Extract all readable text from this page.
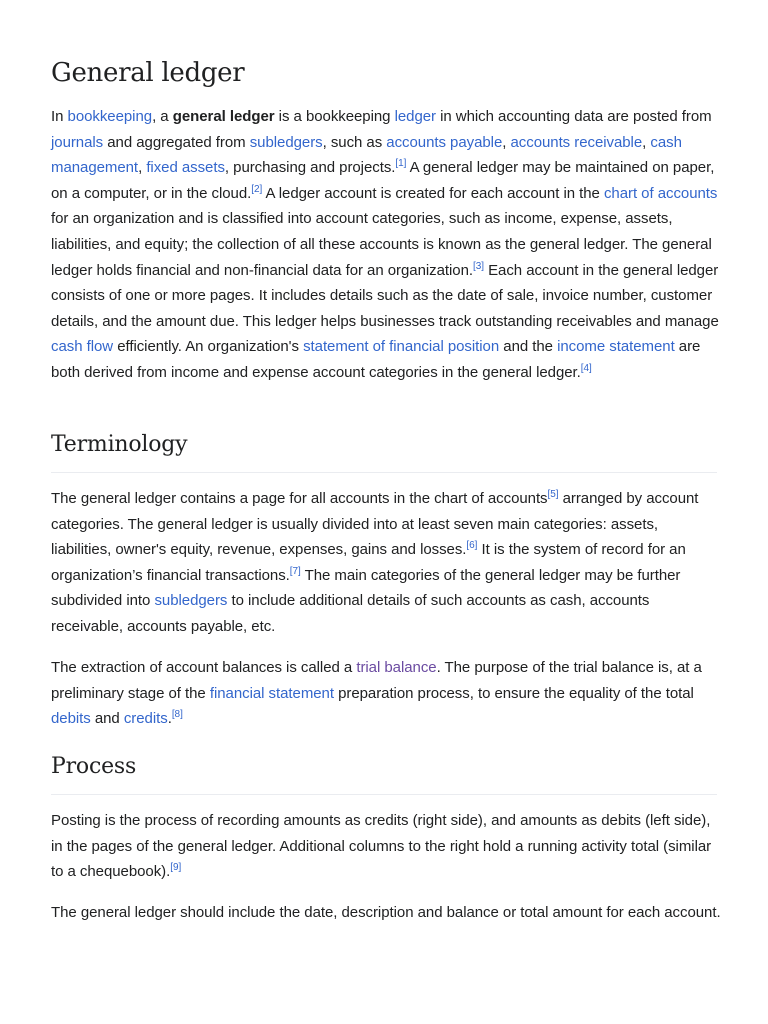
General ledger

In bookkeeping, a general ledger is a bookkeeping ledger in which accounting data are posted from journals and aggregated from subledgers, such as accounts payable, accounts receivable, cash management, fixed assets, purchasing and projects.[1] A general ledger may be maintained on paper, on a computer, or in the cloud.[2] A ledger account is created for each account in the chart of accounts for an organization and is classified into account categories, such as income, expense, assets, liabilities, and equity; the collection of all these accounts is known as the general ledger. The general ledger holds financial and non-financial data for an organization.[3] Each account in the general ledger consists of one or more pages. It includes details such as the date of sale, invoice number, customer details, and the amount due. This ledger helps businesses track outstanding receivables and manage cash flow efficiently. An organization's statement of financial position and the income statement are both derived from income and expense account categories in the general ledger.[4]

Terminology

The general ledger contains a page for all accounts in the chart of accounts[5] arranged by account categories. The general ledger is usually divided into at least seven main categories: assets, liabilities, owner's equity, revenue, expenses, gains and losses.[6] It is the system of record for an organization’s financial transactions.[7] The main categories of the general ledger may be further subdivided into subledgers to include additional details of such accounts as cash, accounts receivable, accounts payable, etc.

The extraction of account balances is called a trial balance. The purpose of the trial balance is, at a preliminary stage of the financial statement preparation process, to ensure the equality of the total debits and credits.[8]

Process

Posting is the process of recording amounts as credits (right side), and amounts as debits (left side), in the pages of the general ledger. Additional columns to the right hold a running activity total (similar to a chequebook).[9]

The general ledger should include the date, description and balance or total amount for each account.
